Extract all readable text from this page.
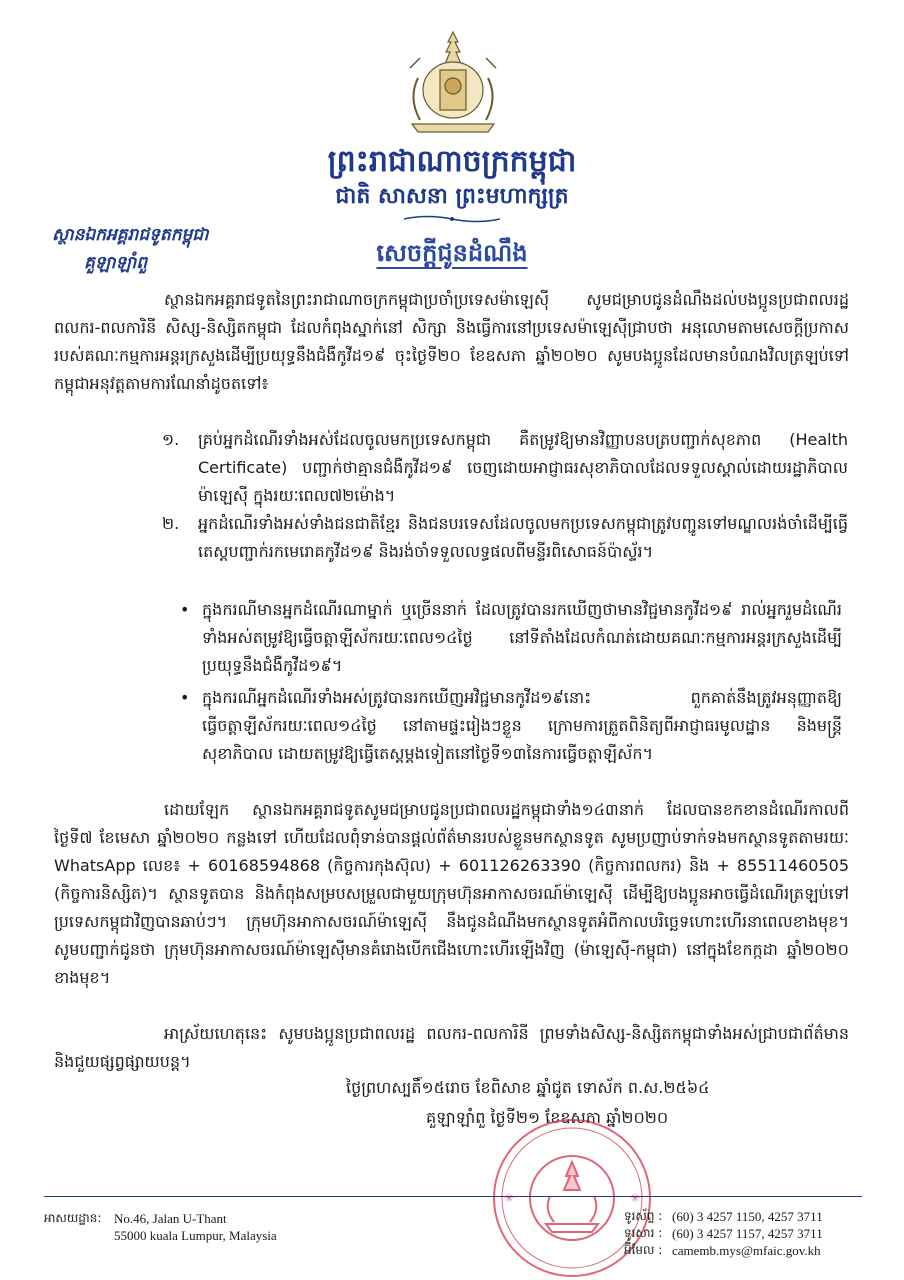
ព្រះរាជាណាចក្រកម្ពុជា
ជាតិ សាសនា ព្រះមហាក្សត្រ
ស្ថានឯកអគ្គរាជទូតកម្ពុជា
គួឡាឡាំពួ	សេចក្តីជូនដំណឹង

ស្ថានឯកអគ្គរាជទូតនៃព្រះរាជាណាចក្រកម្ពុជាប្រចាំប្រទេសម៉ាឡេស៊ី សូមជម្រាបជូនដំណឹងដល់បងប្អូនប្រជាពលរដ្ឋ ពលករ-ពលការិនី សិស្ស-និស្សិតកម្ពុជា ដែលកំពុងស្នាក់នៅ សិក្សា និងធ្វើការនៅប្រទេសម៉ាឡេស៊ីជ្រាបថា អនុលោមតាមសេចក្តីប្រកាសរបស់គណៈកម្មការអន្តរក្រសួងដើម្បីប្រយុទ្ធនឹងជំងឺកូវីដ១៩ ចុះថ្ងៃទី២០ ខែឧសភា ឆ្នាំ២០២០ សូមបងប្អូនដែលមានបំណងវិលត្រឡប់ទៅកម្ពុជាអនុវត្តតាមការណែនាំដូចតទៅ៖

១.	គ្រប់អ្នកដំណើរទាំងអស់ដែលចូលមកប្រទេសកម្ពុជា គឺតម្រូវឱ្យមានវិញ្ញាបនបត្របញ្ជាក់សុខភាព (Health Certificate) បញ្ជាក់ថាគ្មានជំងឺកូវីដ១៩ ចេញដោយអាជ្ញាធរសុខាភិបាលដែលទទួលស្គាល់ដោយរដ្ឋាភិបាលម៉ាឡេស៊ី ក្នុងរយៈពេល៧២ម៉ោង។
២.	អ្នកដំណើរទាំងអស់ទាំងជនជាតិខ្មែរ និងជនបរទេសដែលចូលមកប្រទេសកម្ពុជាត្រូវបញ្ជូនទៅមណ្ឌលរង់ចាំដើម្បីធ្វើតេស្តបញ្ជាក់រកមេរោគកូវីដ១៩ និងរង់ចាំទទួលលទ្ធផលពីមន្ទីរពិសោធន៍ប៉ាស្ទ័រ។
• ក្នុងករណីមានអ្នកដំណើរណាម្នាក់ ឬច្រើននាក់ ដែលត្រូវបានរកឃើញថាមានវិជ្ជមានកូវីដ១៩ រាល់អ្នករួមដំណើរទាំងអស់តម្រូវឱ្យធ្វើចត្តាឡីស័ករយៈពេល១៤ថ្ងៃ នៅទីតាំងដែលកំណត់ដោយគណៈកម្មការអន្តរក្រសួងដើម្បីប្រយុទ្ធនឹងជំងឺកូវីដ១៩។
• ក្នុងករណីអ្នកដំណើរទាំងអស់ត្រូវបានរកឃើញអវិជ្ជមានកូវីដ១៩នោះ ពួកគាត់នឹងត្រូវអនុញ្ញាតឱ្យធ្វើចត្តាឡីស័ករយៈពេល១៤ថ្ងៃ នៅតាមផ្ទះរៀងៗខ្លួន ក្រោមការត្រួតពិនិត្យពីអាជ្ញាធរមូលដ្ឋាន និងមន្ត្រីសុខាភិបាល ដោយតម្រូវឱ្យធ្វើតេស្តម្តងទៀតនៅថ្ងៃទី១៣នៃការធ្វើចត្តាឡីស័ក។

ដោយឡែក ស្ថានឯកអគ្គរាជទូតសូមជម្រាបជូនប្រជាពលរដ្ឋកម្ពុជាទាំង១៤៣នាក់ ដែលបានខកខានដំណើរកាលពីថ្ងៃទី៧ ខែមេសា ឆ្នាំ២០២០ កន្លងទៅ ហើយដែលពុំទាន់បានផ្តល់ព័ត៌មានរបស់ខ្លួនមកស្ថានទូត សូមប្រញាប់ទាក់ទងមកស្ថានទូតតាមរយៈ WhatsApp លេខ៖ + 60168594868 (កិច្ចការកុងស៊ុល) + 601126263390 (កិច្ចការពលករ) និង + 85511460505 (កិច្ចការនិស្សិត)។ ស្ថានទូតបាន និងកំពុងសម្របសម្រួលជាមួយក្រុមហ៊ុនអាកាសចរណ៍ម៉ាឡេស៊ី ដើម្បីឱ្យបងប្អូនអាចធ្វើដំណើរត្រឡប់ទៅប្រទេសកម្ពុជាវិញបានឆាប់ៗ។ ក្រុមហ៊ុនអាកាសចរណ៍ម៉ាឡេស៊ី នឹងជូនដំណឹងមកស្ថានទូតអំពីកាលបរិច្ឆេទហោះហើរនាពេលខាងមុខ។ សូមបញ្ជាក់ជូនថា ក្រុមហ៊ុនអាកាសចរណ៍ម៉ាឡេស៊ីមានគំរោងបើកជើងហោះហើរឡើងវិញ (ម៉ាឡេស៊ី-កម្ពុជា) នៅក្នុងខែកក្កដា ឆ្នាំ២០២០ ខាងមុខ។

អាស្រ័យហេតុនេះ សូមបងប្អូនប្រជាពលរដ្ឋ ពលករ-ពលការិនី ព្រមទាំងសិស្ស-និស្សិតកម្ពុជាទាំងអស់ជ្រាបជាព័ត៌មាន និងជួយផ្សព្វផ្សាយបន្ត។

ថ្ងៃព្រហស្បតិ៍១៥រោច ខែពិសាខ ឆ្នាំជូត ទោស័ក ព.ស.២៥៦៤
គួឡាឡាំពួ ថ្ងៃទី២១ ខែឧសភា ឆ្នាំ២០២០
✳	✳
អាសយដ្ឋាន: No.46, Jalan U-Thant
55000 kuala Lumpur, Malaysia
ទូរស័ព្ទ : (60) 3 4257 1150, 4257 3711
ទូរសារ : (60) 3 4257 1157, 4257 3711
អ៊ីមែល : camemb.mys@mfaic.gov.kh
